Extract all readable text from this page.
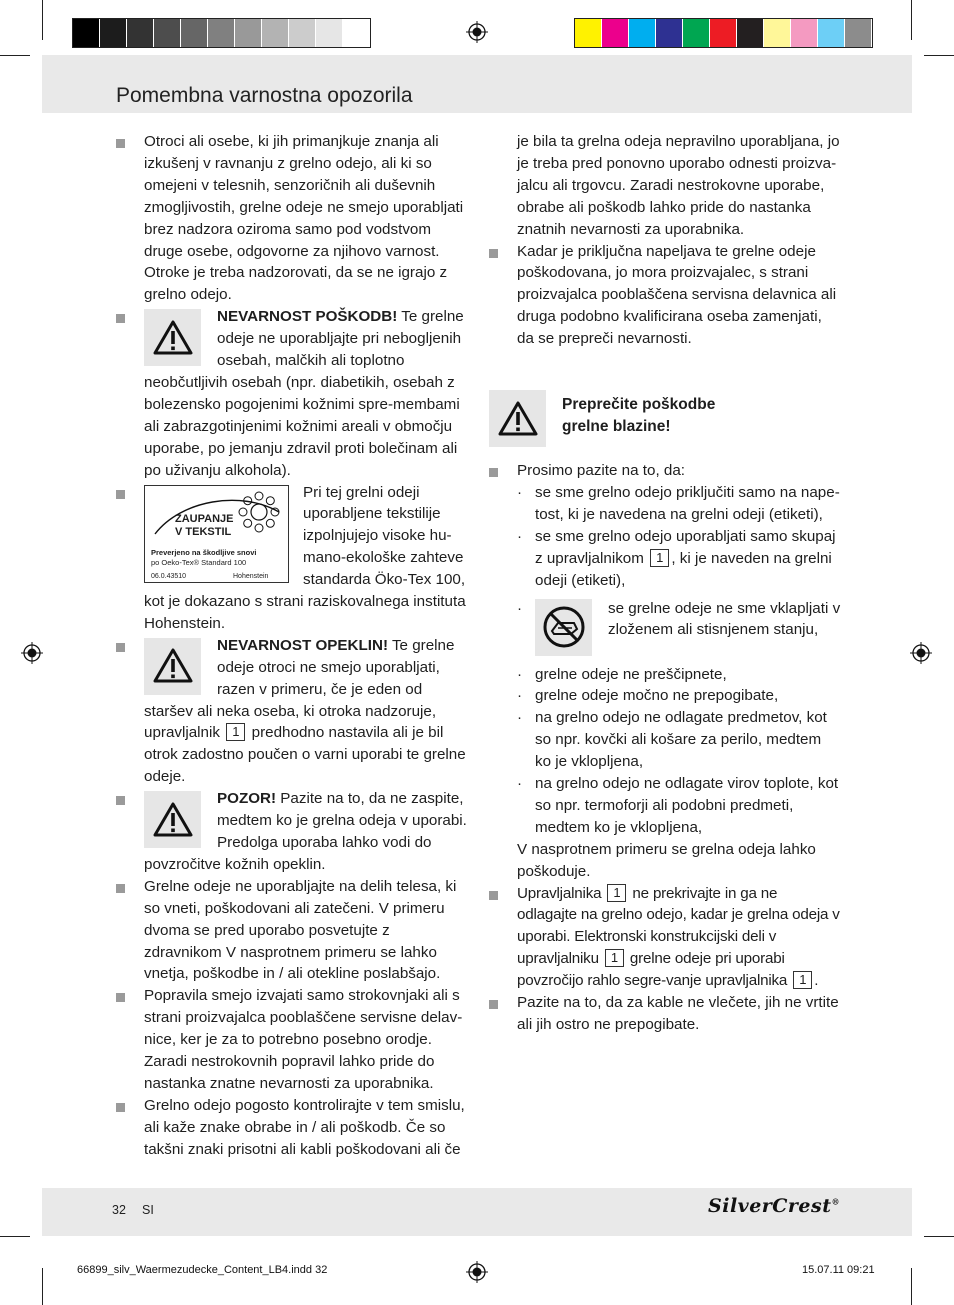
Pomembna varnostna opozorila

Otroci ali osebe, ki jih primanjkuje znanja ali izkušenj v ravnanju z grelno odejo, ali ki so omejeni v telesnih, senzoričnih ali duševnih zmogljivostih, grelne odeje ne smejo uporabljati brez nadzora oziroma samo pod vodstvom druge osebe, odgovorne za njihovo varnost. Otroke je treba nadzorovati, da se ne igrajo z grelno odejo.

NEVARNOST POŠKODB! Te grelne odeje ne uporabljajte pri nebogljenih osebah, malčkih ali toplotno neobčutljivih osebah (npr. diabetikih, osebah z bolezensko pogojenimi kožnimi spre-membami ali zabrazgotinjenimi kožnimi areali v območju uporabe, po jemanju zdravil proti bolečinam ali po uživanju alkohola).

ZAUPANJE
V TEKSTIL
Preverjeno na škodljive snovi
po Oeko-Tex® Standard 100
06.0.43510	Hohenstein

Pri tej grelni odeji uporabljene tekstilije izpolnjujejo visoke hu-mano-ekološke zahteve standarda Öko-Tex 100, kot je dokazano s strani raziskovalnega instituta Hohenstein.

NEVARNOST OPEKLIN! Te grelne odeje otroci ne smejo uporabljati, razen v primeru, če je eden od staršev ali neka oseba, ki otroka nadzoruje, upravljalnik 1 predhodno nastavila ali je bil otrok zadostno poučen o varni uporabi te grelne odeje.

POZOR! Pazite na to, da ne zaspite, medtem ko je grelna odeja v uporabi. Predolga uporaba lahko vodi do povzročitve kožnih opeklin.

Grelne odeje ne uporabljajte na delih telesa, ki so vneti, poškodovani ali zatečeni. V primeru dvoma se pred uporabo posvetujte z zdravnikom V nasprotnem primeru se lahko vnetja, poškodbe in / ali otekline poslabšajo.

Popravila smejo izvajati samo strokovnjaki ali s strani proizvajalca pooblaščene servisne delav-nice, ker je za to potrebno posebno orodje. Zaradi nestrokovnih popravil lahko pride do nastanka znatne nevarnosti za uporabnika.

Grelno odejo pogosto kontrolirajte v tem smislu, ali kaže znake obrabe in / ali poškodb. Če so takšni znaki prisotni ali kabli poškodovani ali če

je bila ta grelna odeja nepravilno uporabljana, jo je treba pred ponovno uporabo odnesti proizva-jalcu ali trgovcu. Zaradi nestrokovne uporabe, obrabe ali poškodb lahko pride do nastanka znatnih nevarnosti za uporabnika.

Kadar je priključna napeljava te grelne odeje poškodovana, jo mora proizvajalec, s strani proizvajalca pooblaščena servisna delavnica ali druga podobno kvalificirana oseba zamenjati, da se prepreči nevarnosti.

Preprečite poškodbe
grelne blazine!

Prosimo pazite na to, da:

· se sme grelno odejo priključiti samo na nape-tost, ki je navedena na grelni odeji (etiketi),

· se sme grelno odejo uporabljati samo skupaj z upravljalnikom 1 , ki je naveden na grelni odeji (etiketi),

·	se grelne odeje ne sme vklapljati v zloženem ali stisnjenem stanju,

· grelne odeje ne preščipnete,

· grelne odeje močno ne prepogibate,

· na grelno odejo ne odlagate predmetov, kot so npr. kovčki ali košare za perilo, medtem ko je vklopljena,

· na grelno odejo ne odlagate virov toplote, kot so npr. termoforji ali podobni predmeti, medtem ko je vklopljena,

V nasprotnem primeru se grelna odeja lahko poškoduje.

Upravljalnika 1 ne prekrivajte in ga ne odlagajte na grelno odejo, kadar je grelna odeja v uporabi. Elektronski konstrukcijski deli v upravljalniku 1 grelne odeje pri uporabi povzročijo rahlo segre-vanje upravljalnika 1 .

Pazite na to, da za kable ne vlečete, jih ne vrtite ali jih ostro ne prepogibate.

32 SI	SilverCrest®
66899_silv_Waermezudecke_Content_LB4.indd 32	15.07.11 09:21
